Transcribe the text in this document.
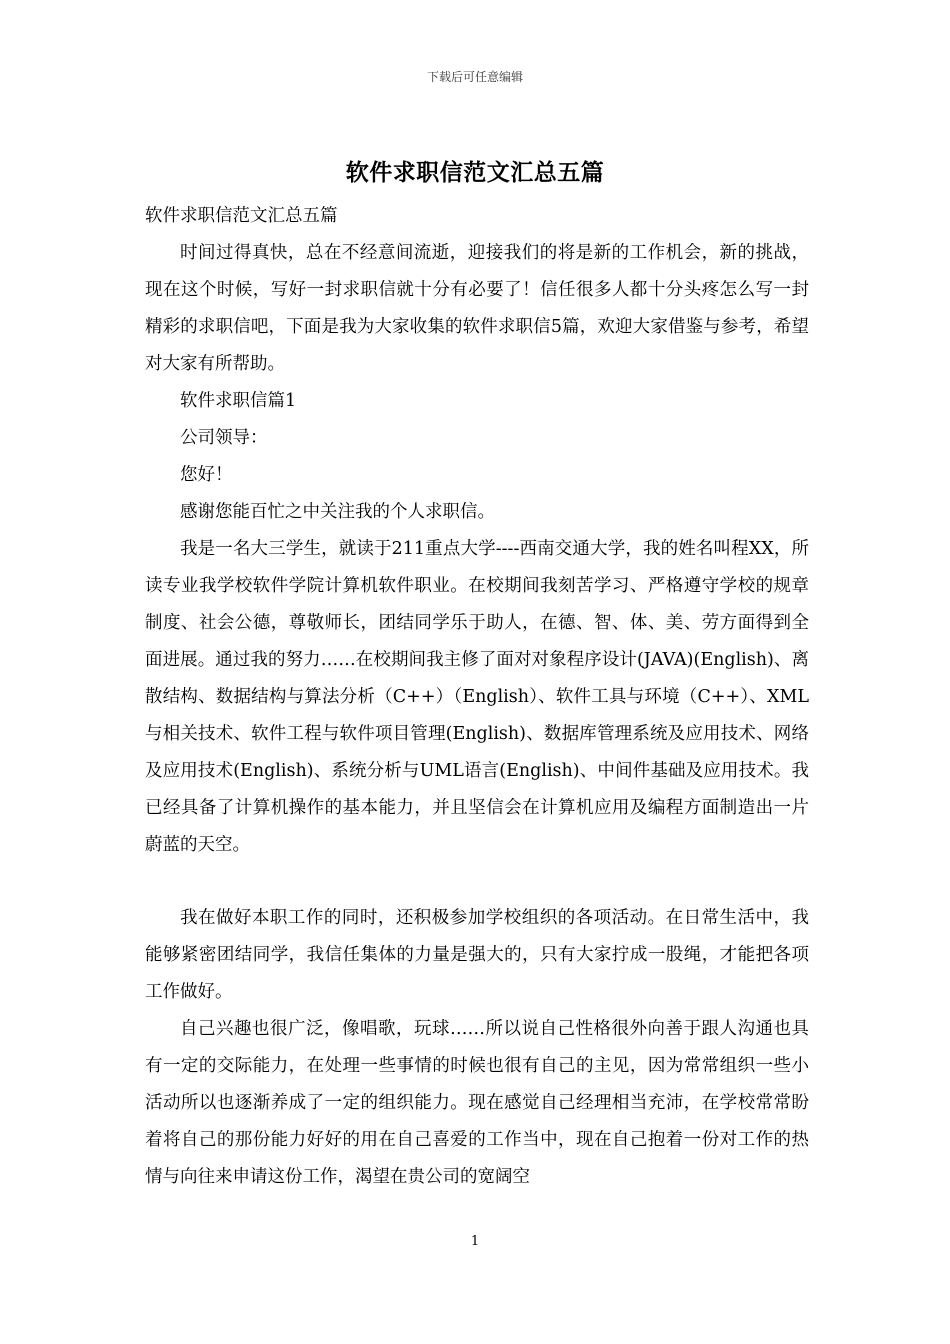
下载后可任意编辑
软件求职信范文汇总五篇

软件求职信范文汇总五篇

时间过得真快，总在不经意间流逝，迎接我们的将是新的工作机会，新的挑战，现在这个时候，写好一封求职信就十分有必要了！信任很多人都十分头疼怎么写一封精彩的求职信吧，下面是我为大家收集的软件求职信5篇，欢迎大家借鉴与参考，希望对大家有所帮助。

软件求职信篇1

公司领导：

您好！

感谢您能百忙之中关注我的个人求职信。

我是一名大三学生，就读于211重点大学----西南交通大学，我的姓名叫程XX，所读专业我学校软件学院计算机软件职业。在校期间我刻苦学习、严格遵守学校的规章制度、社会公德，尊敬师长，团结同学乐于助人，在德、智、体、美、劳方面得到全面进展。通过我的努力……在校期间我主修了面对对象程序设计(JAVA)(English)、离散结构、数据结构与算法分析（C++）（English）、软件工具与环境（C++）、XML与相关技术、软件工程与软件项目管理(English)、数据库管理系统及应用技术、网络及应用技术(English)、系统分析与UML语言(English)、中间件基础及应用技术。我已经具备了计算机操作的基本能力，并且坚信会在计算机应用及编程方面制造出一片蔚蓝的天空。

我在做好本职工作的同时，还积极参加学校组织的各项活动。在日常生活中，我能够紧密团结同学，我信任集体的力量是强大的，只有大家拧成一股绳，才能把各项工作做好。

自己兴趣也很广泛，像唱歌，玩球……所以说自己性格很外向善于跟人沟通也具有一定的交际能力，在处理一些事情的时候也很有自己的主见，因为常常组织一些小活动所以也逐渐养成了一定的组织能力。现在感觉自己经理相当充沛，在学校常常盼着将自己的那份能力好好的用在自己喜爱的工作当中，现在自己抱着一份对工作的热情与向往来申请这份工作，渴望在贵公司的宽阔空

1
